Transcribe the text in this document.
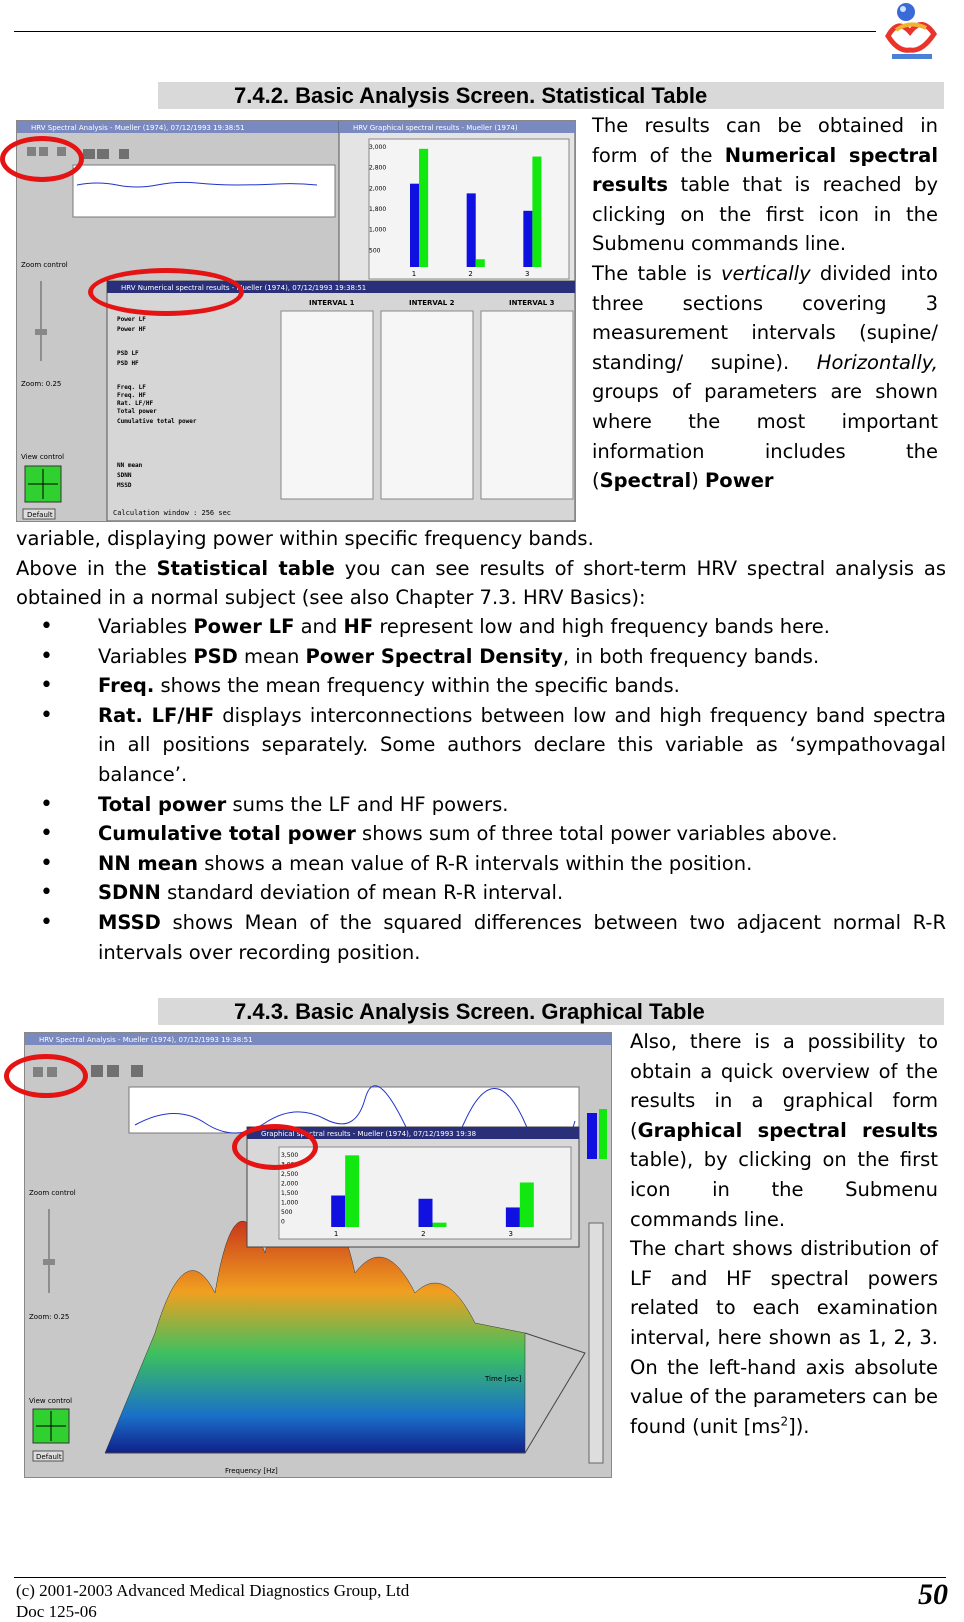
7.4.2. Basic Analysis Screen. Statistical Table
HRV Spectral Analysis - Mueller (1974), 07/12/1993 19:38:51
Zoom control
Zoom: 0.25
View control
Default
HRV Graphical spectral results - Mueller (1974)
1	2	3
3,000
2,800
2,000
1,800
1,000
500
HRV Numerical spectral results - Mueller (1974), 07/12/1993 19:38:51
INTERVAL 1	INTERVAL 2	INTERVAL 3
Power LF
Power HF
PSD LF
PSD HF
Freq. LF
Freq. HF
Rat. LF/HF
Total power
Cumulative total power
NN mean
SDNN
MSSD
Calculation window : 256 sec

The results can be obtained in form of the Numerical spectral results table that is reached by clicking on the first icon in the Submenu commands line.

The table is vertically divided into three sections covering 3 measurement intervals (supine/ standing/ supine). Horizontally, groups of parameters are shown where the most important information includes the (Spectral) Power

variable, displaying power within specific frequency bands.

Above in the Statistical table you can see results of short-term HRV spectral analysis as obtained in a normal subject (see also Chapter 7.3. HRV Basics):

• Variables Power LF and HF represent low and high frequency bands here.
• Variables PSD mean Power Spectral Density, in both frequency bands.
• Freq. shows the mean frequency within the specific bands.
• Rat. LF/HF displays interconnections between low and high frequency band spectra in all positions separately. Some authors declare this variable as ‘sympathovagal balance’.
• Total power sums the LF and HF powers.
• Cumulative total power shows sum of three total power variables above.
• NN mean shows a mean value of R-R intervals within the position.
• SDNN standard deviation of mean R-R interval.
• MSSD shows Mean of the squared differences between two adjacent normal R-R intervals over recording position.
7.4.3. Basic Analysis Screen. Graphical Table
HRV Spectral Analysis - Mueller (1974), 07/12/1993 19:38:51
Zoom control
Zoom: 0.25
View control
Default
Frequency [Hz]
Time [sec]
Graphical spectral results - Mueller (1974), 07/12/1993 19:38
1	2	3
3,500
3,000
2,500
2,000
1,500
1,000
500
0

Also, there is a possibility to obtain a quick overview of the results in a graphical form (Graphical spectral results table), by clicking on the first icon in the Submenu commands line.

The chart shows distribution of LF and HF spectral powers related to each examination interval, here shown as 1, 2, 3. On the left-hand axis absolute value of the parameters can be found (unit $[ms^2]$).

(c) 2001-2003 Advanced Medical Diagnostics Group, Ltd
Doc 125-06
50
